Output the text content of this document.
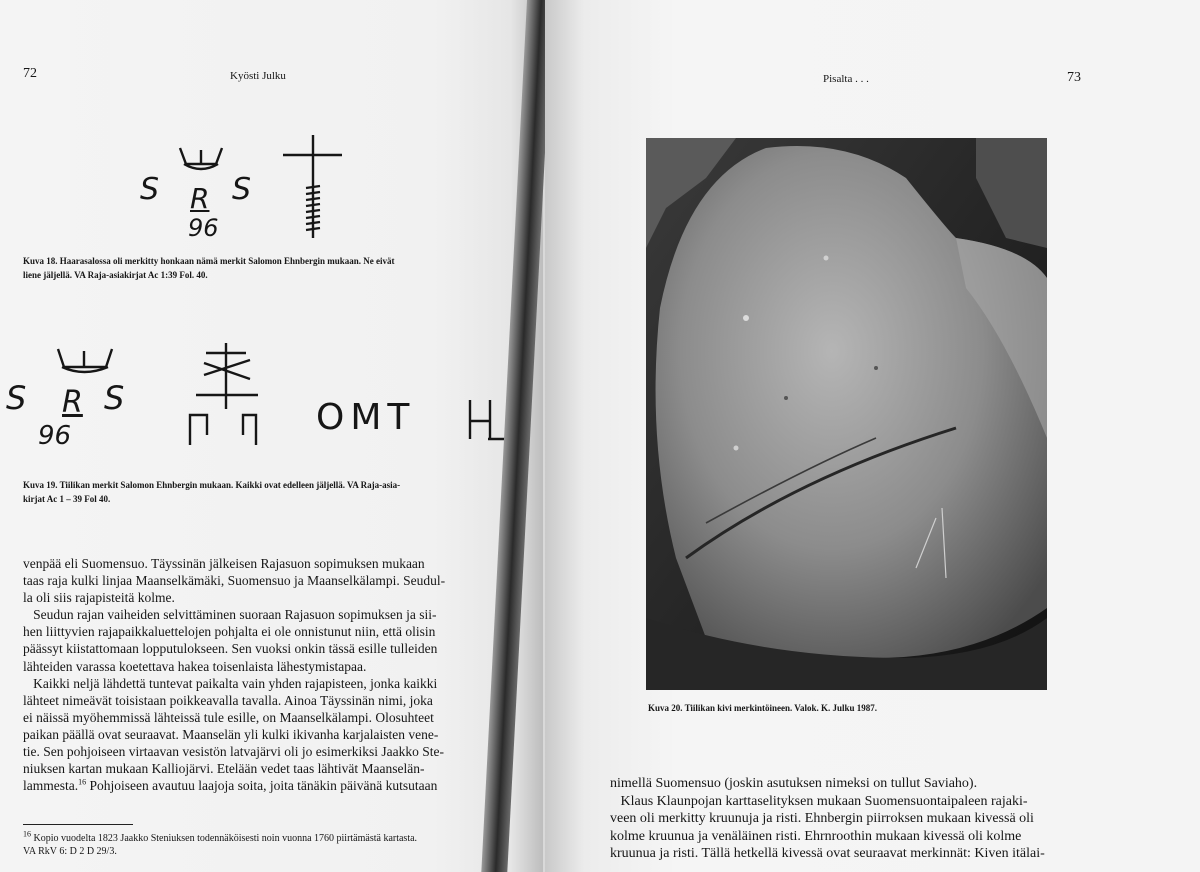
72	Kyösti Julku
S R S
96
Kuva 18. Haarasalossa oli merkitty honkaan nämä merkit Salomon Ehnbergin mukaan. Ne eivät
liene jäljellä. VA Raja-asiakirjat Ac 1:39 Fol. 40.
S R S
96	OMT
Kuva 19. Tiilikan merkit Salomon Ehnbergin mukaan. Kaikki ovat edelleen jäljellä. VA Raja-asia-
kirjat Ac 1 – 39 Fol 40.

venpää eli Suomensuo. Täyssinän jälkeisen Rajasuon sopimuksen mukaan

taas raja kulki linjaa Maanselkämäki, Suomensuo ja Maanselkälampi. Seudul-

la oli siis rajapisteitä kolme.

Seudun rajan vaiheiden selvittäminen suoraan Rajasuon sopimuksen ja sii-

hen liittyvien rajapaikkaluettelojen pohjalta ei ole onnistunut niin, että olisin

päässyt kiistattomaan lopputulokseen. Sen vuoksi onkin tässä esille tulleiden

lähteiden varassa koetettava hakea toisenlaista lähestymistapaa.

Kaikki neljä lähdettä tuntevat paikalta vain yhden rajapisteen, jonka kaikki

lähteet nimeävät toisistaan poikkeavalla tavalla. Ainoa Täyssinän nimi, joka

ei näissä myöhemmissä lähteissä tule esille, on Maanselkälampi. Olosuhteet

paikan päällä ovat seuraavat. Maanselän yli kulki ikivanha karjalaisten vene-

tie. Sen pohjoiseen virtaavan vesistön latvajärvi oli jo esimerkiksi Jaakko Ste-

niuksen kartan mukaan Kalliojärvi. Etelään vedet taas lähtivät Maanselän-

lammesta.$^{16}$ Pohjoiseen avautuu laajoja soita, joita tänäkin päivänä kutsutaan

$^{16}$ Kopio vuodelta 1823 Jaakko Steniuksen todennäköisesti noin vuonna 1760 piirtämästä kartasta.

VA RkV 6: D 2 D 29/3.

Pisalta . . .	73
Kuva 20. Tiilikan kivi merkintöineen. Valok. K. Julku 1987.

nimellä Suomensuo (joskin asutuksen nimeksi on tullut Saviaho).

Klaus Klaunpojan karttaselityksen mukaan Suomensuontaipaleen rajaki-

veen oli merkitty kruunuja ja risti. Ehnbergin piirroksen mukaan kivessä oli

kolme kruunua ja venäläinen risti. Ehrnroothin mukaan kivessä oli kolme

kruunua ja risti. Tällä hetkellä kivessä ovat seuraavat merkinnät: Kiven itälai-
